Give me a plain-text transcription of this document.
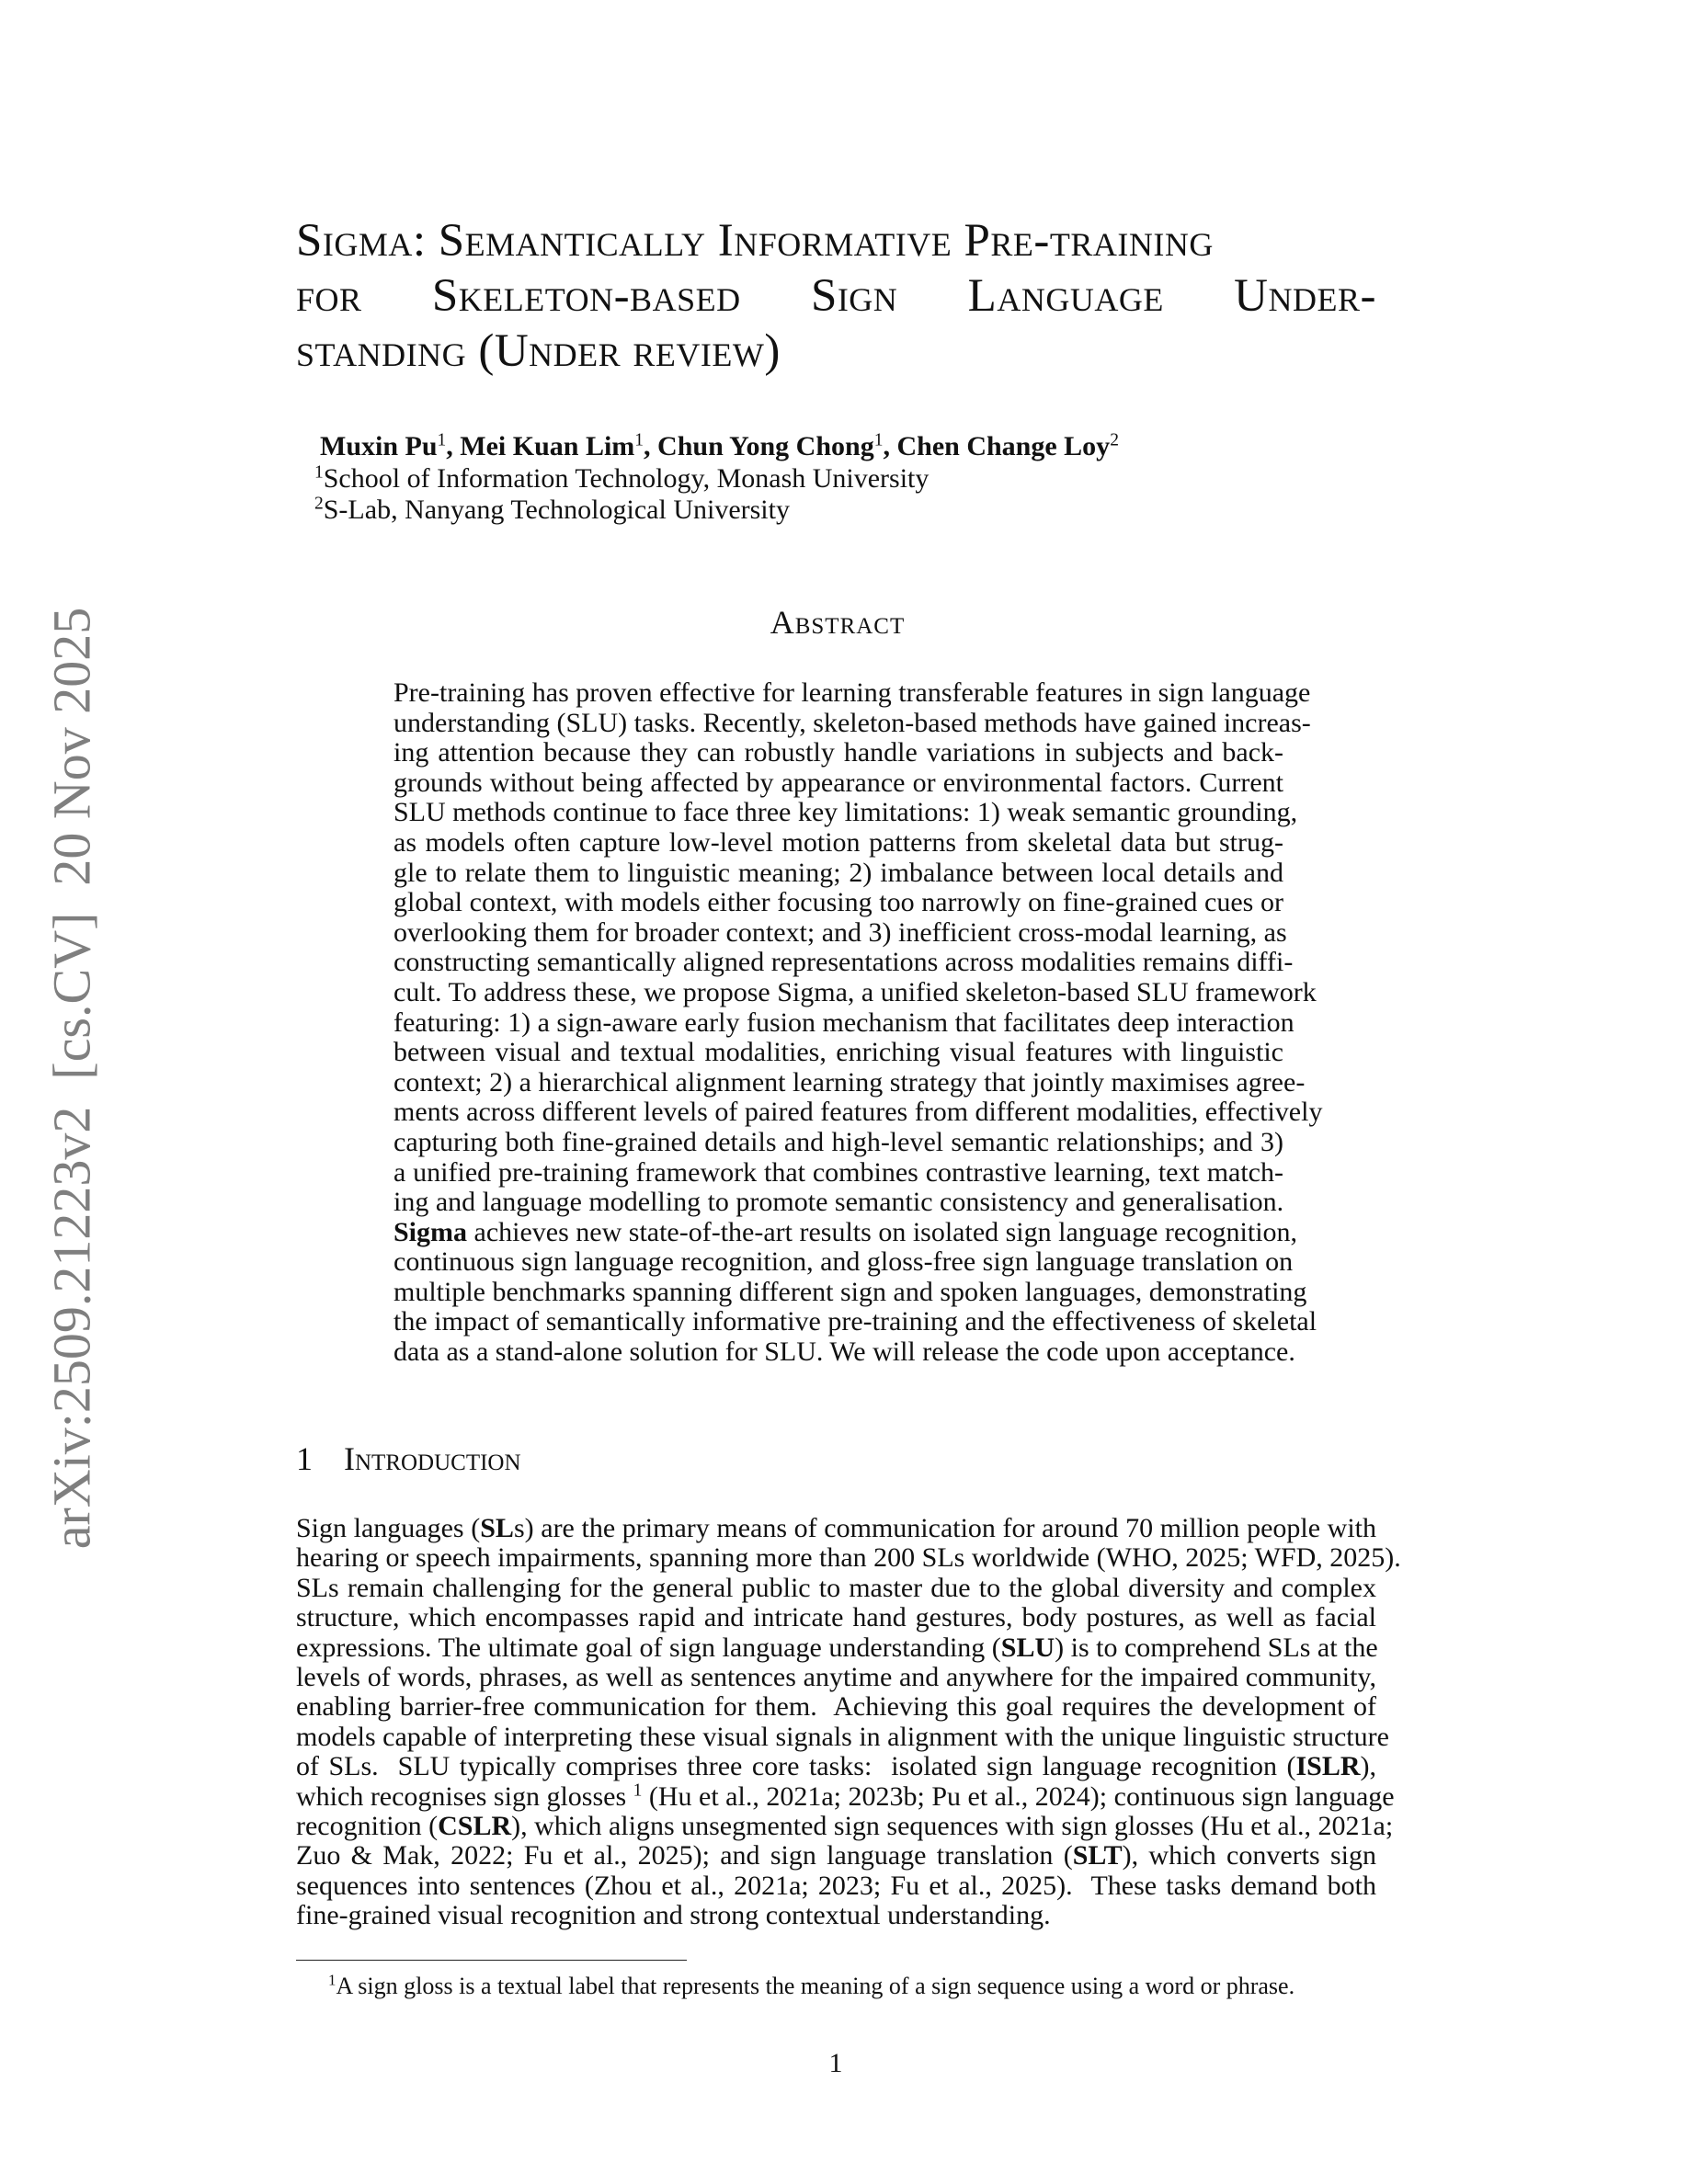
arXiv:2509.21223v2  [cs.CV]  20 Nov 2025
Sigma: Semantically Informative Pre-training
for Skeleton-based Sign Language Under-
standing (Under review)
Muxin Pu$^1$, Mei Kuan Lim$^1$, Chun Yong Chong$^1$, Chen Change Loy$^2$
$^1$School of Information Technology, Monash University
$^2$S-Lab, Nanyang Technological University
Abstract
Pre-training has proven effective for learning transferable features in sign language
understanding (SLU) tasks. Recently, skeleton-based methods have gained increas-
ing attention because they can robustly handle variations in subjects and back-
grounds without being affected by appearance or environmental factors. Current
SLU methods continue to face three key limitations: 1) weak semantic grounding,
as models often capture low-level motion patterns from skeletal data but strug-
gle to relate them to linguistic meaning; 2) imbalance between local details and
global context, with models either focusing too narrowly on fine-grained cues or
overlooking them for broader context; and 3) inefficient cross-modal learning, as
constructing semantically aligned representations across modalities remains diffi-
cult. To address these, we propose Sigma, a unified skeleton-based SLU framework
featuring: 1) a sign-aware early fusion mechanism that facilitates deep interaction
between visual and textual modalities, enriching visual features with linguistic
context; 2) a hierarchical alignment learning strategy that jointly maximises agree-
ments across different levels of paired features from different modalities, effectively
capturing both fine-grained details and high-level semantic relationships; and 3)
a unified pre-training framework that combines contrastive learning, text match-
ing and language modelling to promote semantic consistency and generalisation.
Sigma achieves new state-of-the-art results on isolated sign language recognition,
continuous sign language recognition, and gloss-free sign language translation on
multiple benchmarks spanning different sign and spoken languages, demonstrating
the impact of semantically informative pre-training and the effectiveness of skeletal
data as a stand-alone solution for SLU. We will release the code upon acceptance.
1 Introduction
Sign languages (SLs) are the primary means of communication for around 70 million people with
hearing or speech impairments, spanning more than 200 SLs worldwide (WHO, 2025; WFD, 2025).
SLs remain challenging for the general public to master due to the global diversity and complex
structure, which encompasses rapid and intricate hand gestures, body postures, as well as facial
expressions. The ultimate goal of sign language understanding (SLU) is to comprehend SLs at the
levels of words, phrases, as well as sentences anytime and anywhere for the impaired community,
enabling barrier-free communication for them.  Achieving this goal requires the development of
models capable of interpreting these visual signals in alignment with the unique linguistic structure
of SLs.  SLU typically comprises three core tasks:  isolated sign language recognition (ISLR),
which recognises sign glosses $^1$ (Hu et al., 2021a; 2023b; Pu et al., 2024); continuous sign language
recognition (CSLR), which aligns unsegmented sign sequences with sign glosses (Hu et al., 2021a;
Zuo & Mak, 2022; Fu et al., 2025); and sign language translation (SLT), which converts sign
sequences into sentences (Zhou et al., 2021a; 2023; Fu et al., 2025).  These tasks demand both
fine-grained visual recognition and strong contextual understanding.
$^1$A sign gloss is a textual label that represents the meaning of a sign sequence using a word or phrase.
1
